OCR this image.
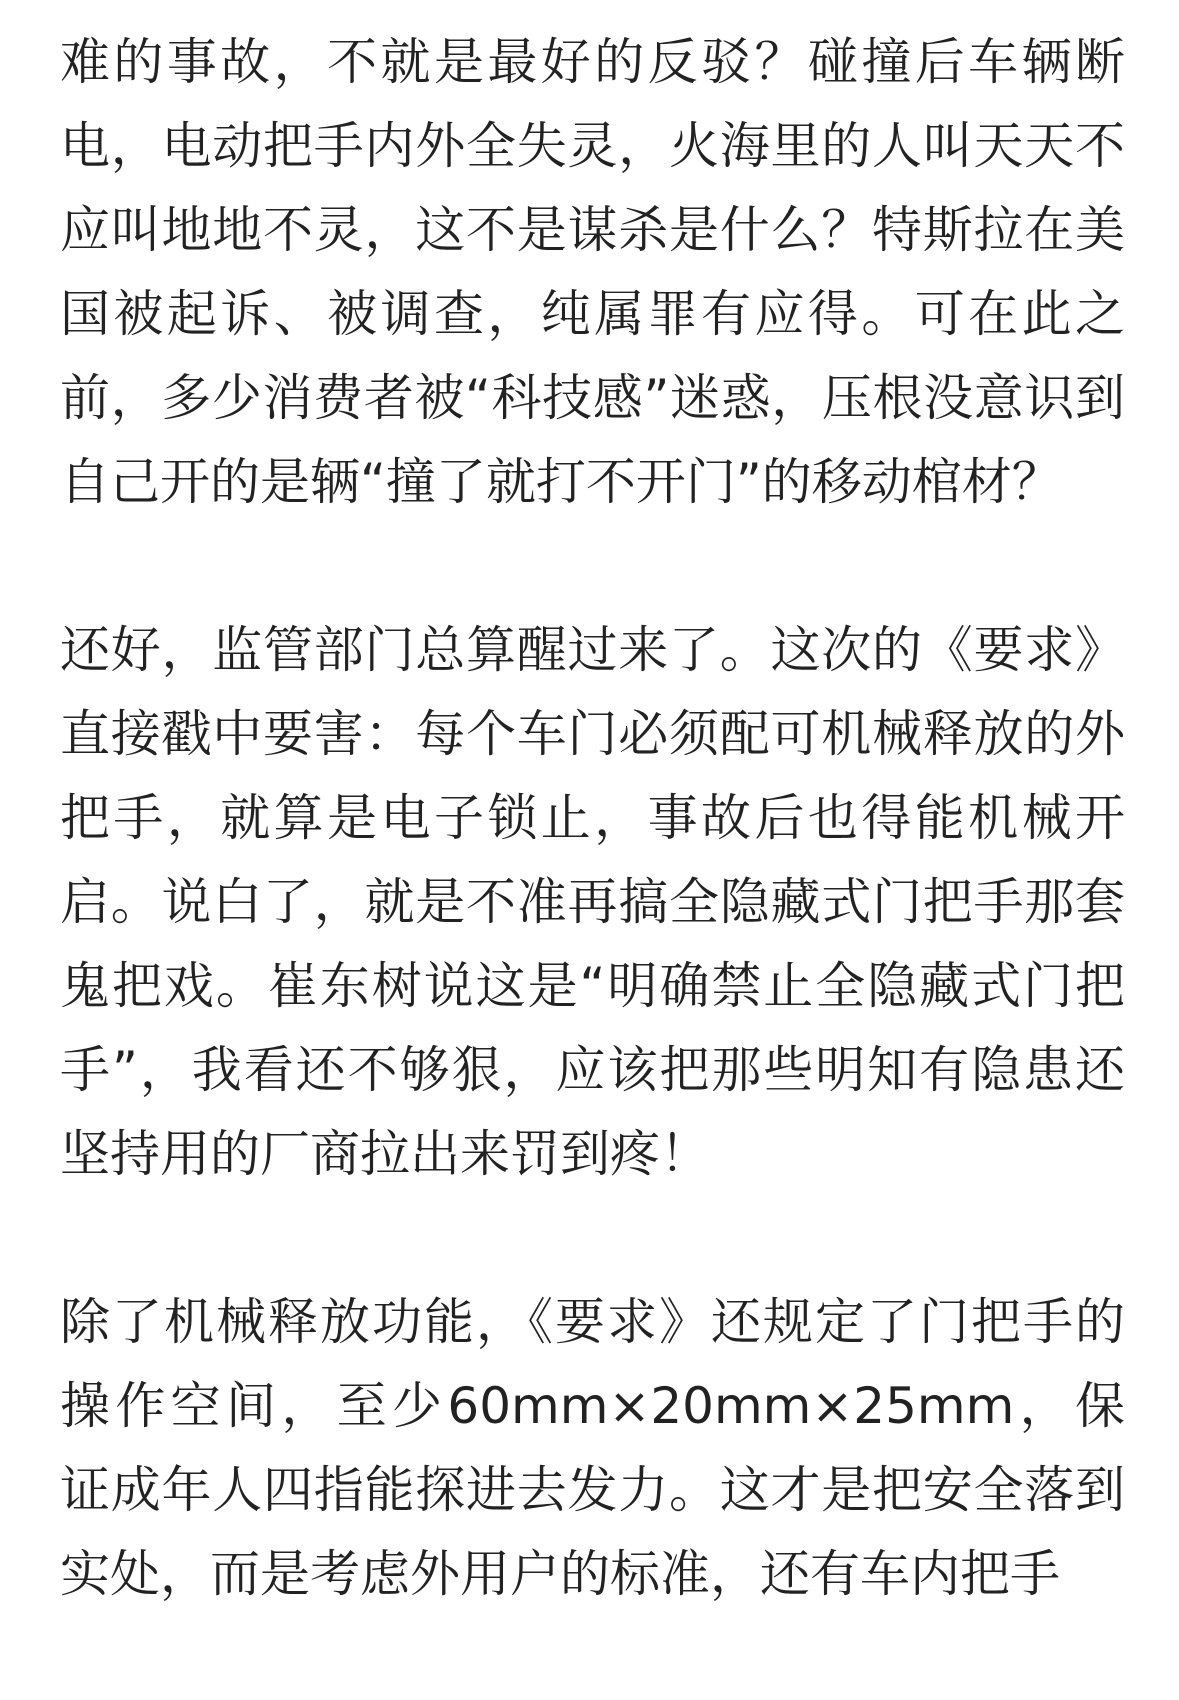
难的事故，不就是最好的反驳？碰撞后车辆断电，电动把手内外全失灵，火海里的人叫天天不应叫地地不灵，这不是谋杀是什么？特斯拉在美国被起诉、被调查，纯属罪有应得。可在此之前，多少消费者被“科技感”迷惑，压根没意识到自己开的是辆“撞了就打不开门”的移动棺材？

还好，监管部门总算醒过来了。这次的《要求》直接戳中要害：每个车门必须配可机械释放的外把手，就算是电子锁止，事故后也得能机械开启。说白了，就是不准再搞全隐藏式门把手那套鬼把戏。崔东树说这是“明确禁止全隐藏式门把手”，我看还不够狠，应该把那些明知有隐患还坚持用的厂商拉出来罚到疼！

除了机械释放功能，《要求》还规定了门把手的操作空间，至少60mm×20mm×25mm，保证成年人四指能探进去发力。这才是把安全落到实处，而是考虑外用户的标准，还有车内把手
